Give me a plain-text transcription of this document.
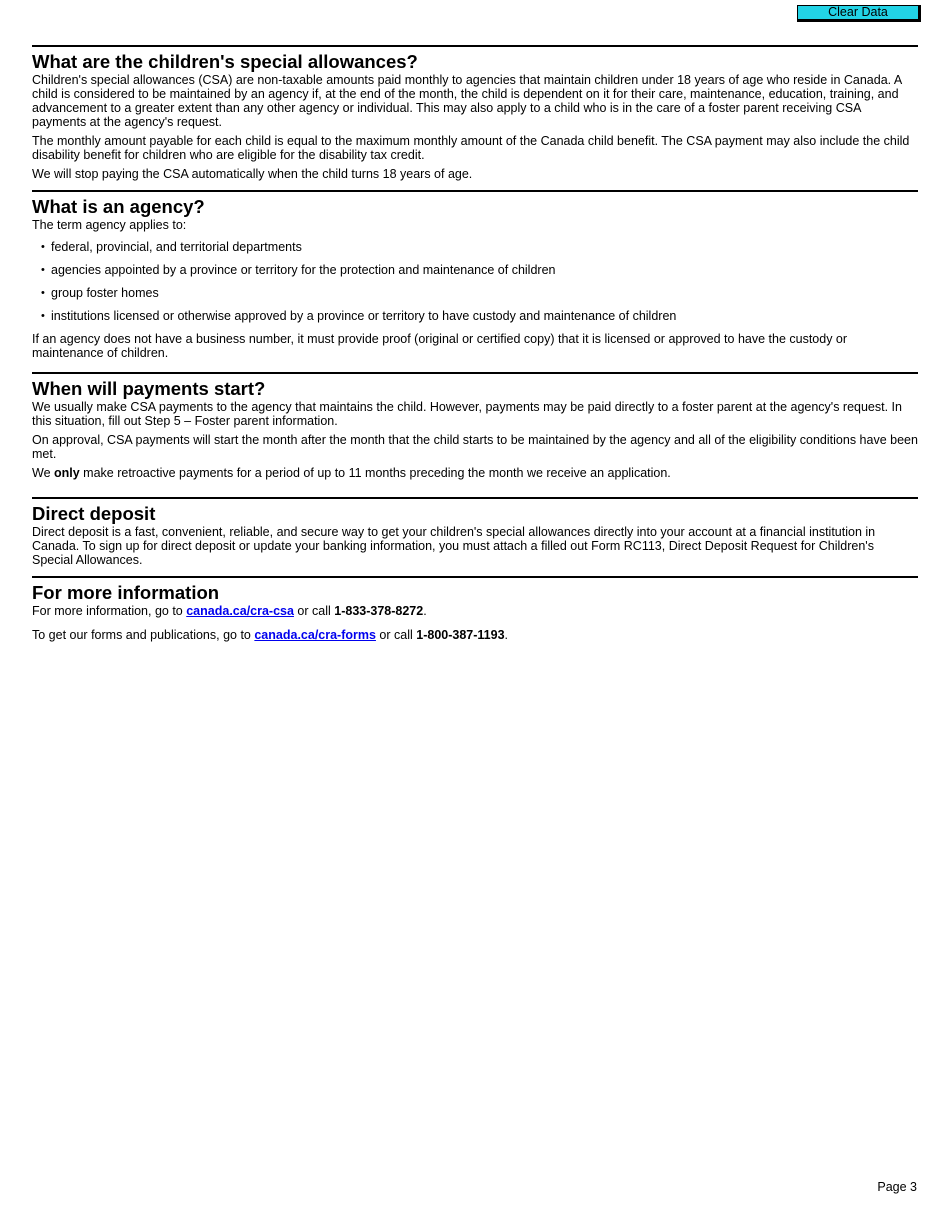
Clear Data
What are the children's special allowances?

Children's special allowances (CSA) are non-taxable amounts paid monthly to agencies that maintain children under 18 years of age who reside in Canada. A child is considered to be maintained by an agency if, at the end of the month, the child is dependent on it for their care, maintenance, education, training, and advancement to a greater extent than any other agency or individual. This may also apply to a child who is in the care of a foster parent receiving CSA payments at the agency's request.

The monthly amount payable for each child is equal to the maximum monthly amount of the Canada child benefit. The CSA payment may also include the child disability benefit for children who are eligible for the disability tax credit.

We will stop paying the CSA automatically when the child turns 18 years of age.

What is an agency?

The term agency applies to:

• federal, provincial, and territorial departments
• agencies appointed by a province or territory for the protection and maintenance of children
• group foster homes
• institutions licensed or otherwise approved by a province or territory to have custody and maintenance of children

If an agency does not have a business number, it must provide proof (original or certified copy) that it is licensed or approved to have the custody or maintenance of children.

When will payments start?

We usually make CSA payments to the agency that maintains the child. However, payments may be paid directly to a foster parent at the agency's request. In this situation, fill out Step 5 – Foster parent information.

On approval, CSA payments will start the month after the month that the child starts to be maintained by the agency and all of the eligibility conditions have been met.

We only make retroactive payments for a period of up to 11 months preceding the month we receive an application.

Direct deposit

Direct deposit is a fast, convenient, reliable, and secure way to get your children's special allowances directly into your account at a financial institution in Canada. To sign up for direct deposit or update your banking information, you must attach a filled out Form RC113, Direct Deposit Request for Children's Special Allowances.

For more information

For more information, go to canada.ca/cra-csa or call 1-833-378-8272.

To get our forms and publications, go to canada.ca/cra-forms or call 1-800-387-1193.

Page 3
